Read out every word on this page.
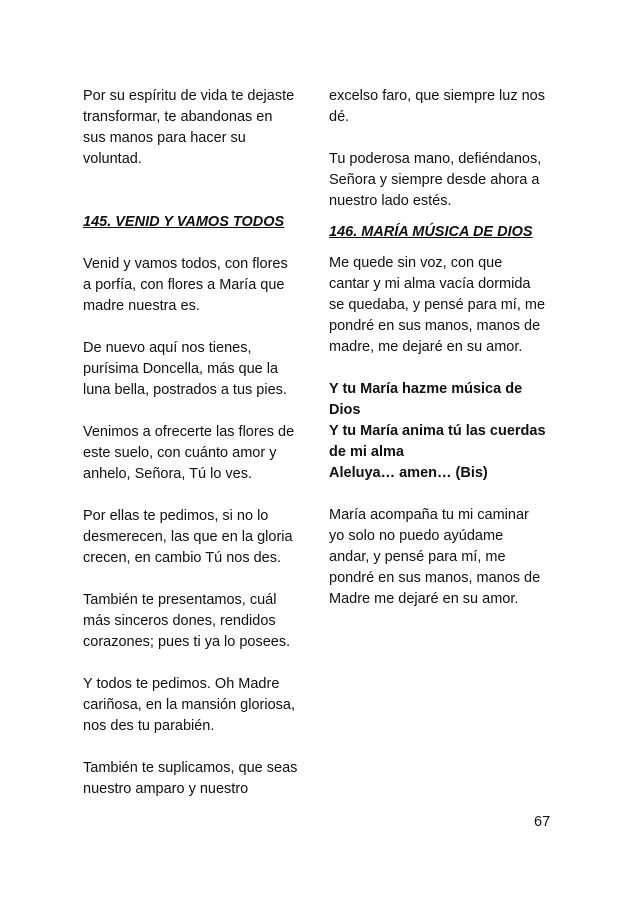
Por su espíritu de vida te dejaste
transformar, te abandonas en
sus manos para hacer su
voluntad.

145. VENID Y VAMOS TODOS

Venid y vamos todos, con flores
a porfía, con flores a María que
madre nuestra es.

De nuevo aquí nos tienes,
purísima Doncella, más que la
luna bella, postrados a tus pies.

Venimos a ofrecerte las flores de
este suelo, con cuánto amor y
anhelo, Señora, Tú lo ves.

Por ellas te pedimos, si no lo
desmerecen, las que en la gloria
crecen, en cambio Tú nos des.

También te presentamos, cuál
más sinceros dones, rendidos
corazones; pues ti ya lo posees.

Y todos te pedimos. Oh Madre
cariñosa, en la mansión gloriosa,
nos des tu parabién.

También te suplicamos, que seas
nuestro amparo y nuestro

excelso faro, que siempre luz nos
dé.

Tu poderosa mano, defiéndanos,
Señora y siempre desde ahora a
nuestro lado estés.

146. MARÍA MÚSICA DE DIOS

Me quede sin voz, con que
cantar y mi alma vacía dormida
se quedaba, y pensé para mí, me
pondré en sus manos, manos de
madre, me dejaré en su amor.

Y tu María hazme música de
Dios
Y tu María anima tú las cuerdas
de mi alma
Aleluya… amen… (Bis)

María acompaña tu mi caminar
yo solo no puedo ayúdame
andar, y pensé para mí, me
pondré en sus manos, manos de
Madre me dejaré en su amor.

67
